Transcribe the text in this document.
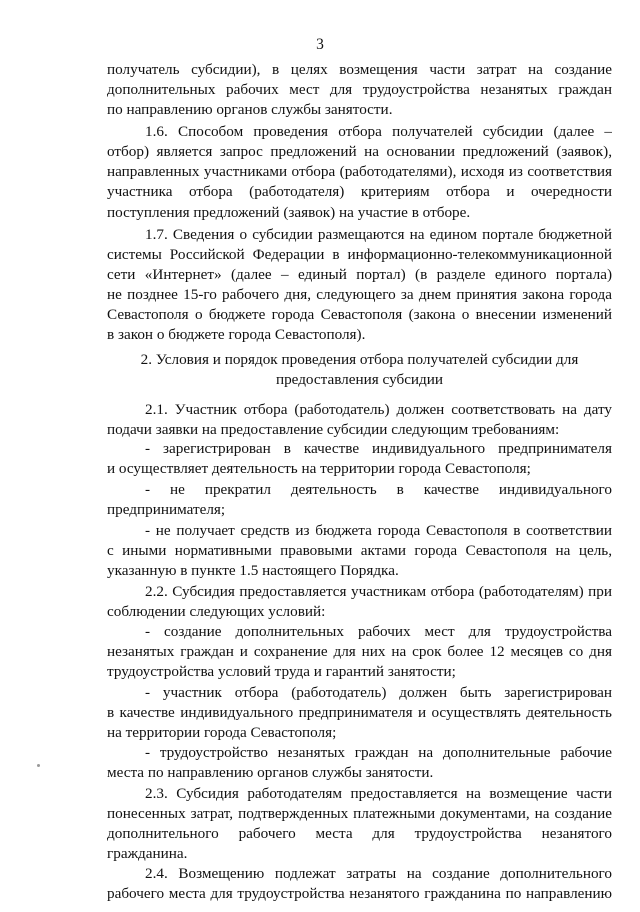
3
получатель субсидии), в целях возмещения части затрат на создание
дополнительных рабочих мест для трудоустройства незанятых граждан
по направлению органов службы занятости.
1.6. Способом проведения отбора получателей субсидии (далее –
отбор) является запрос предложений на основании предложений (заявок),
направленных участниками отбора (работодателями), исходя из соответствия
участника отбора (работодателя) критериям отбора и очередности
поступления предложений (заявок) на участие в отборе.
1.7. Сведения о субсидии размещаются на едином портале бюджетной
системы Российской Федерации в информационно-телекоммуникационной
сети «Интернет» (далее – единый портал) (в разделе единого портала)
не позднее 15-го рабочего дня, следующего за днем принятия закона города
Севастополя о бюджете города Севастополя (закона о внесении изменений
в закон о бюджете города Севастополя).
2.1. Участник отбора (работодатель) должен соответствовать на дату
подачи заявки на предоставление субсидии следующим требованиям:
- зарегистрирован в качестве индивидуального предпринимателя
и осуществляет деятельность на территории города Севастополя;
- не прекратил деятельность в качестве индивидуального
предпринимателя;
- не получает средств из бюджета города Севастополя в соответствии
с иными нормативными правовыми актами города Севастополя на цель,
указанную в пункте 1.5 настоящего Порядка.
2.2. Субсидия предоставляется участникам отбора (работодателям) при
соблюдении следующих условий:
- создание дополнительных рабочих мест для трудоустройства
незанятых граждан и сохранение для них на срок более 12 месяцев со дня
трудоустройства условий труда и гарантий занятости;
- участник отбора (работодатель) должен быть зарегистрирован
в качестве индивидуального предпринимателя и осуществлять деятельность
на территории города Севастополя;
- трудоустройство незанятых граждан на дополнительные рабочие
места по направлению органов службы занятости.
2.3. Субсидия работодателям предоставляется на возмещение части
понесенных затрат, подтвержденных платежными документами, на создание
дополнительного рабочего места для трудоустройства незанятого
гражданина.
2.4. Возмещению подлежат затраты на создание дополнительного
рабочего места для трудоустройства незанятого гражданина по направлению
2. Условия и порядок проведения отбора получателей субсидии для
предоставления субсидии
